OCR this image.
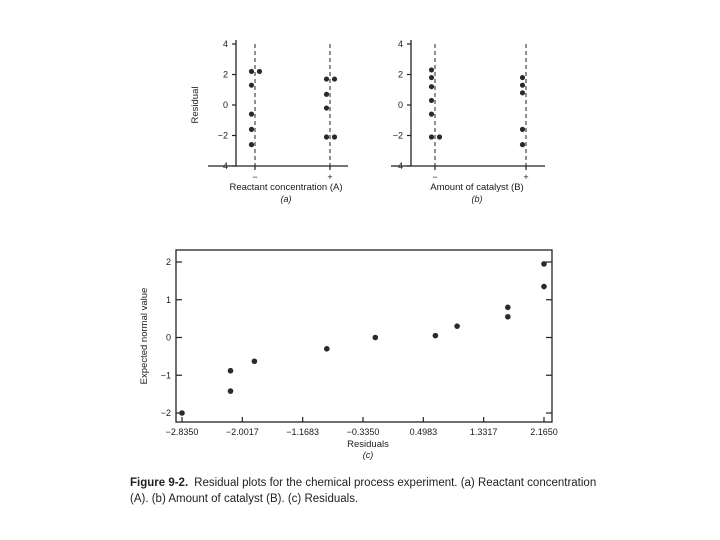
4
2
0
−2
−4
−	+
Reactant concentration (A)
(a)
Residual
4
2
0
−2
−4
−	+
Amount of catalyst (B)
(b)
2
1
0
−1
−2
−2.8350	−2.0017	−1.1683	−0.3350	0.4983	1.3317	2.1650
Residuals
(c)
Expected normal value
Figure 9-2. Residual plots for the chemical process experiment. (a) Reactant concentration (A). (b) Amount of catalyst (B). (c) Residuals.
